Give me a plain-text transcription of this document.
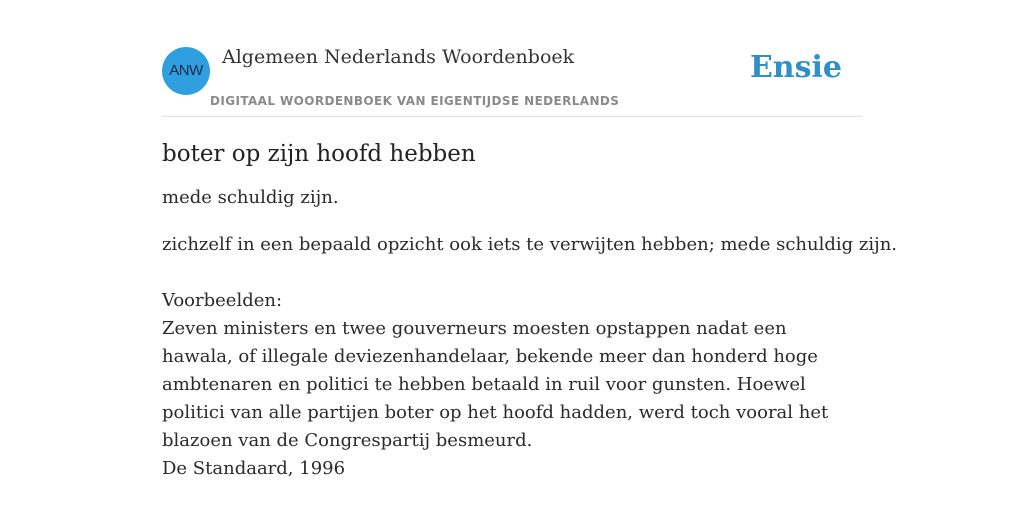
ANW
Algemeen Nederlands Woordenboek
DIGITAAL WOORDENBOEK VAN EIGENTIJDSE NEDERLANDS
Ensie
boter op zijn hoofd hebben

mede schuldig zijn.

zichzelf in een bepaald opzicht ook iets te verwijten hebben; mede schuldig zijn.

Voorbeelden:

Zeven ministers en twee gouverneurs moesten opstappen nadat een hawala, of illegale deviezenhandelaar, bekende meer dan honderd hoge ambtenaren en politici te hebben betaald in ruil voor gunsten. Hoewel politici van alle partijen boter op het hoofd hadden, werd toch vooral het blazoen van de Congrespartij besmeurd.

De Standaard, 1996
